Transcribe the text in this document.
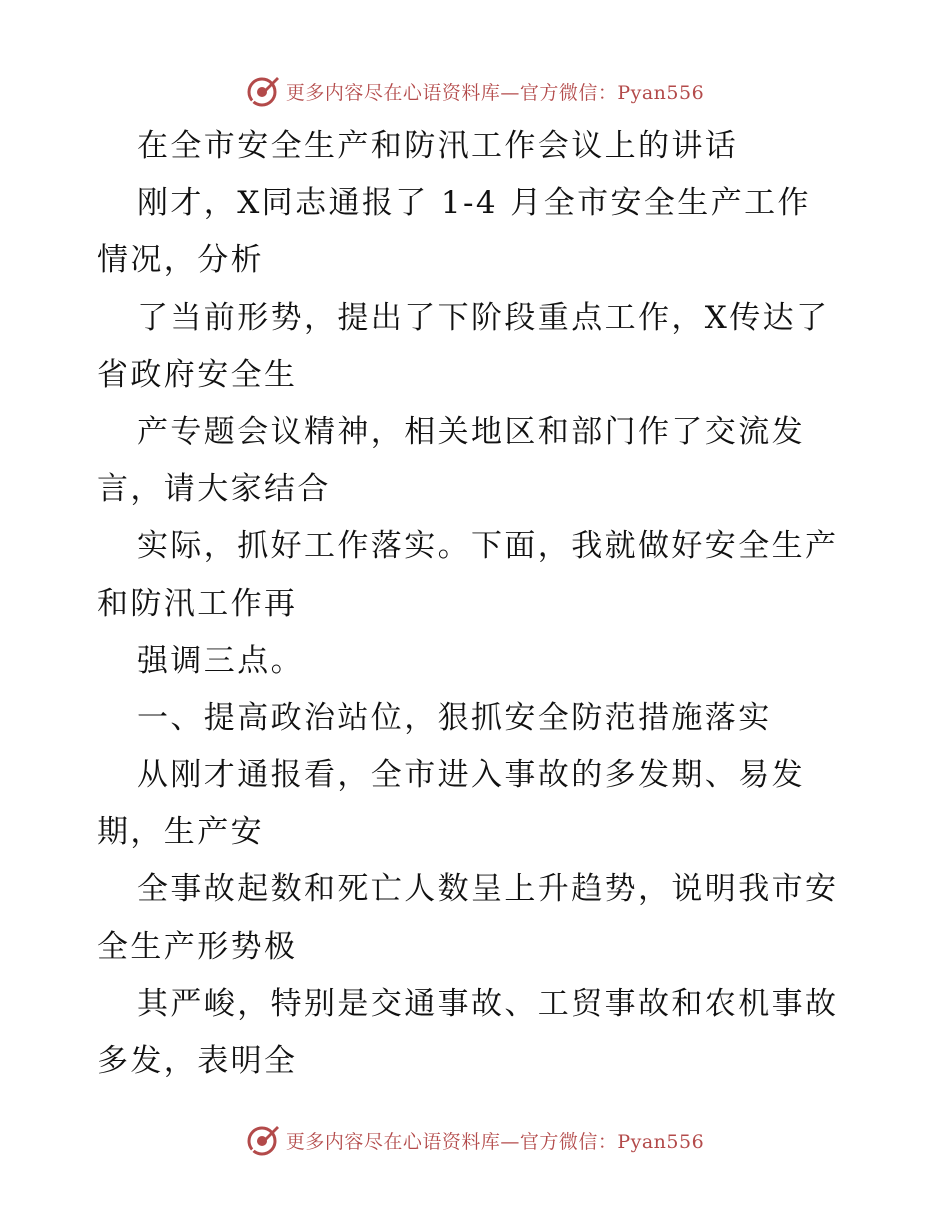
更多内容尽在心语资料库—官方微信：Pyan556
在全市安全生产和防汛工作会议上的讲话
刚才，X同志通报了 1-4 月全市安全生产工作
情况，分析
了当前形势，提出了下阶段重点工作，X传达了
省政府安全生
产专题会议精神，相关地区和部门作了交流发
言，请大家结合
实际，抓好工作落实。下面，我就做好安全生产
和防汛工作再
强调三点。
一、提高政治站位，狠抓安全防范措施落实
从刚才通报看，全市进入事故的多发期、易发
期，生产安
全事故起数和死亡人数呈上升趋势，说明我市安
全生产形势极
其严峻，特别是交通事故、工贸事故和农机事故
多发，表明全
更多内容尽在心语资料库—官方微信：Pyan556
